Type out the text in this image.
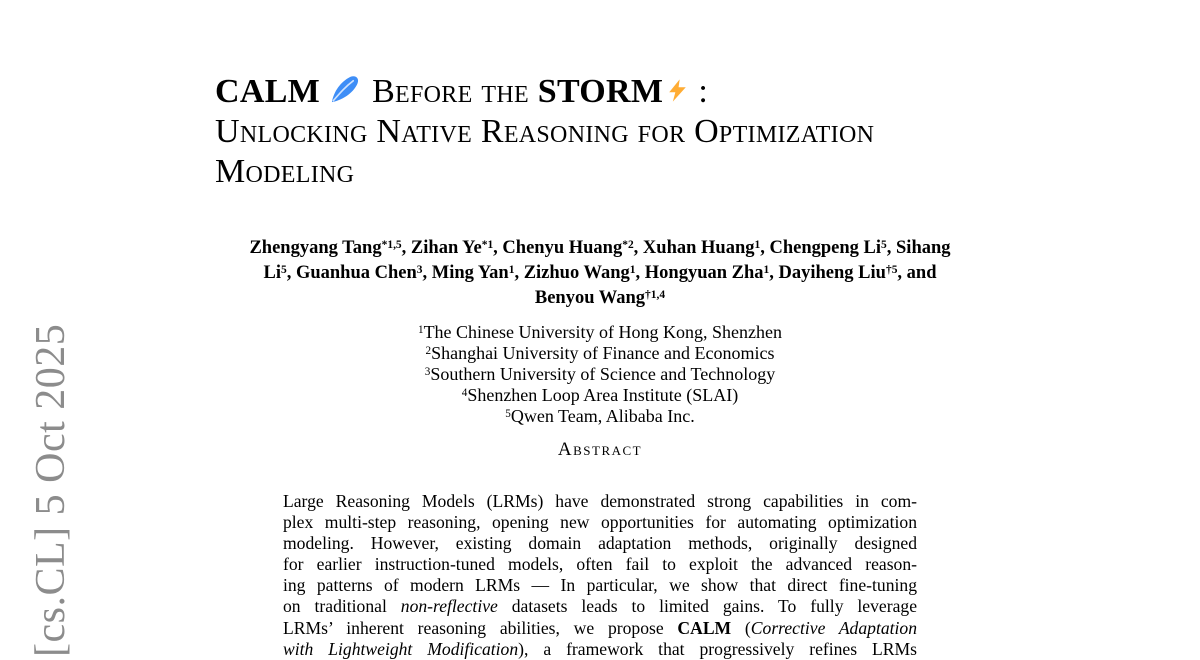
[cs.CL] 5 Oct 2025
CALM Before the STORM :
Unlocking Native Reasoning for Optimization
Modeling
Zhengyang Tang$^{*1,5}$, Zihan Ye$^{*1}$, Chenyu Huang$^{*2}$, Xuhan Huang$^1$, Chengpeng Li$^5$, Sihang
Li$^5$, Guanhua Chen$^3$, Ming Yan$^1$, Zizhuo Wang$^1$, Hongyuan Zha$^1$, Dayiheng Liu$^{\dagger 5}$, and
Benyou Wang$^{\dagger 1,4}$
$^1$The Chinese University of Hong Kong, Shenzhen
$^2$Shanghai University of Finance and Economics
$^3$Southern University of Science and Technology
$^4$Shenzhen Loop Area Institute (SLAI)
$^5$Qwen Team, Alibaba Inc.
Abstract
Large Reasoning Models (LRMs) have demonstrated strong capabilities in com-
plex multi-step reasoning, opening new opportunities for automating optimization
modeling. However, existing domain adaptation methods, originally designed
for earlier instruction-tuned models, often fail to exploit the advanced reason-
ing patterns of modern LRMs — In particular, we show that direct fine-tuning
on traditional non-reflective datasets leads to limited gains. To fully leverage
LRMs’ inherent reasoning abilities, we propose CALM (Corrective Adaptation
with Lightweight Modification), a framework that progressively refines LRMs
